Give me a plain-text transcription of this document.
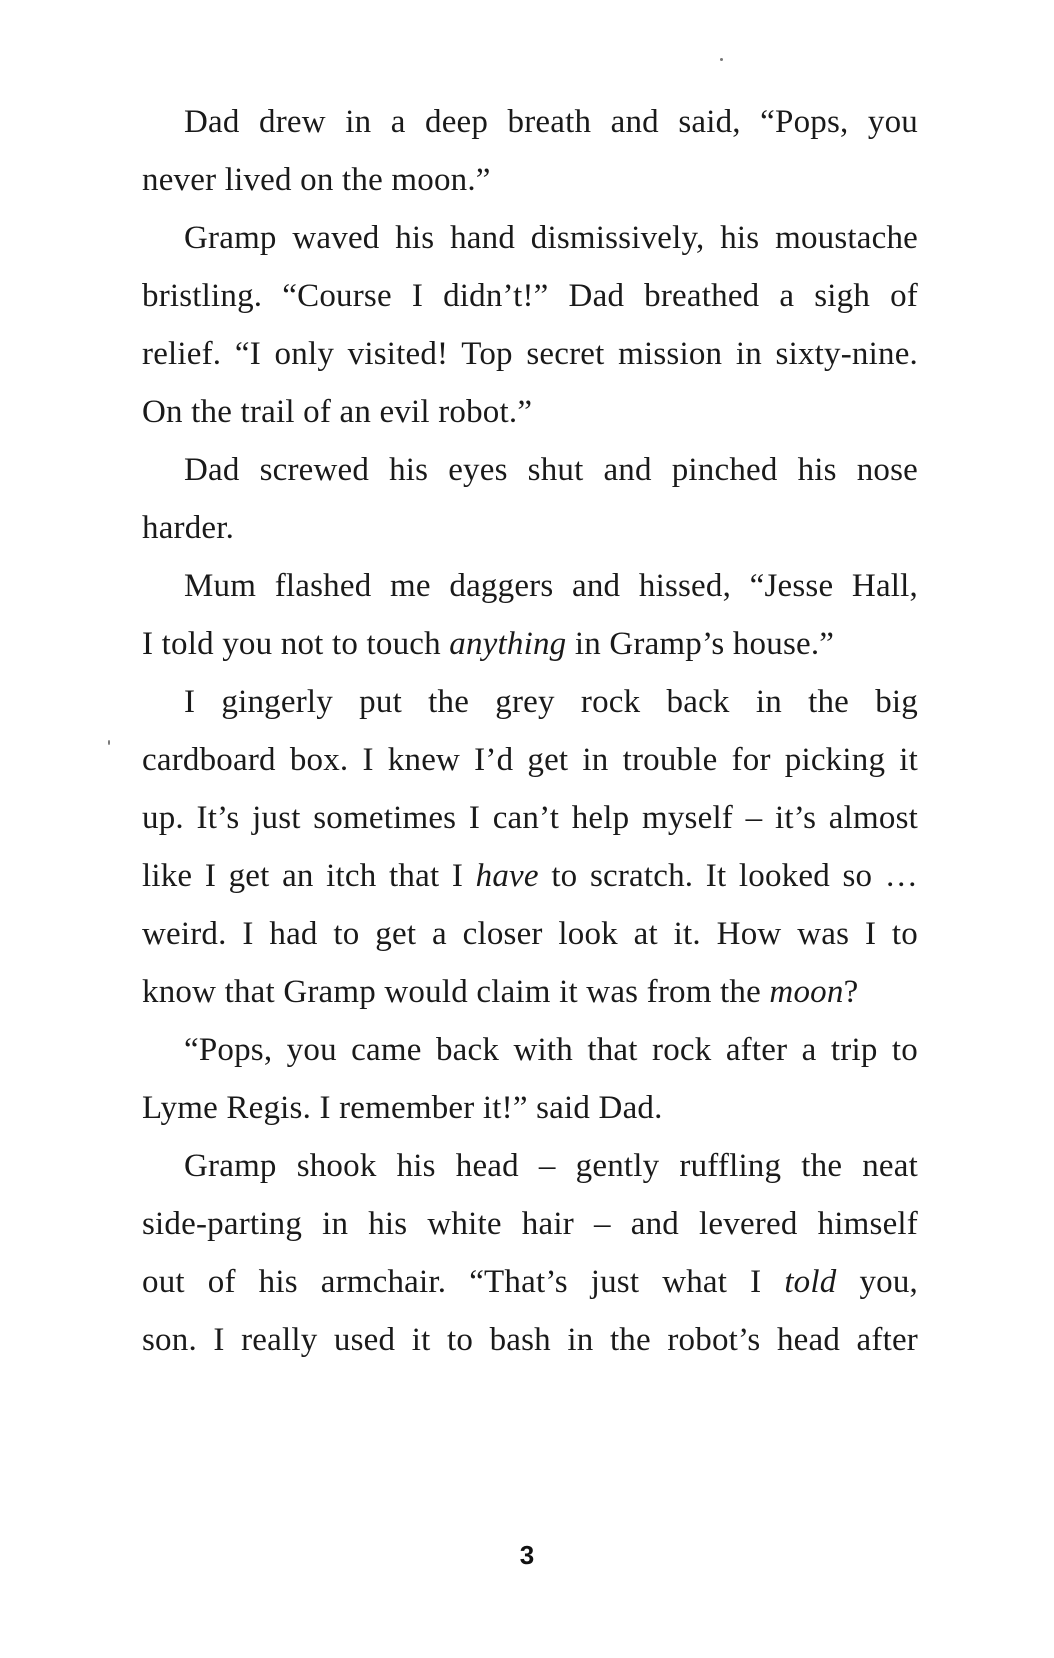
Dad drew in a deep breath and said, “Pops, you
never lived on the moon.”
Gramp waved his hand dismissively, his moustache
bristling. “Course I didn’t!” Dad breathed a sigh of
relief. “I only visited! Top secret mission in sixty-nine.
On the trail of an evil robot.”
Dad screwed his eyes shut and pinched his nose
harder.
Mum flashed me daggers and hissed, “Jesse Hall,
I told you not to touch anything in Gramp’s house.”
I gingerly put the grey rock back in the big
cardboard box. I knew I’d get in trouble for picking it
up. It’s just sometimes I can’t help myself – it’s almost
like I get an itch that I have to scratch. It looked so …
weird. I had to get a closer look at it. How was I to
know that Gramp would claim it was from the moon?
“Pops, you came back with that rock after a trip to
Lyme Regis. I remember it!” said Dad.
Gramp shook his head – gently ruffling the neat
side-parting in his white hair – and levered himself
out of his armchair. “That’s just what I told you,
son. I really used it to bash in the robot’s head after
3
